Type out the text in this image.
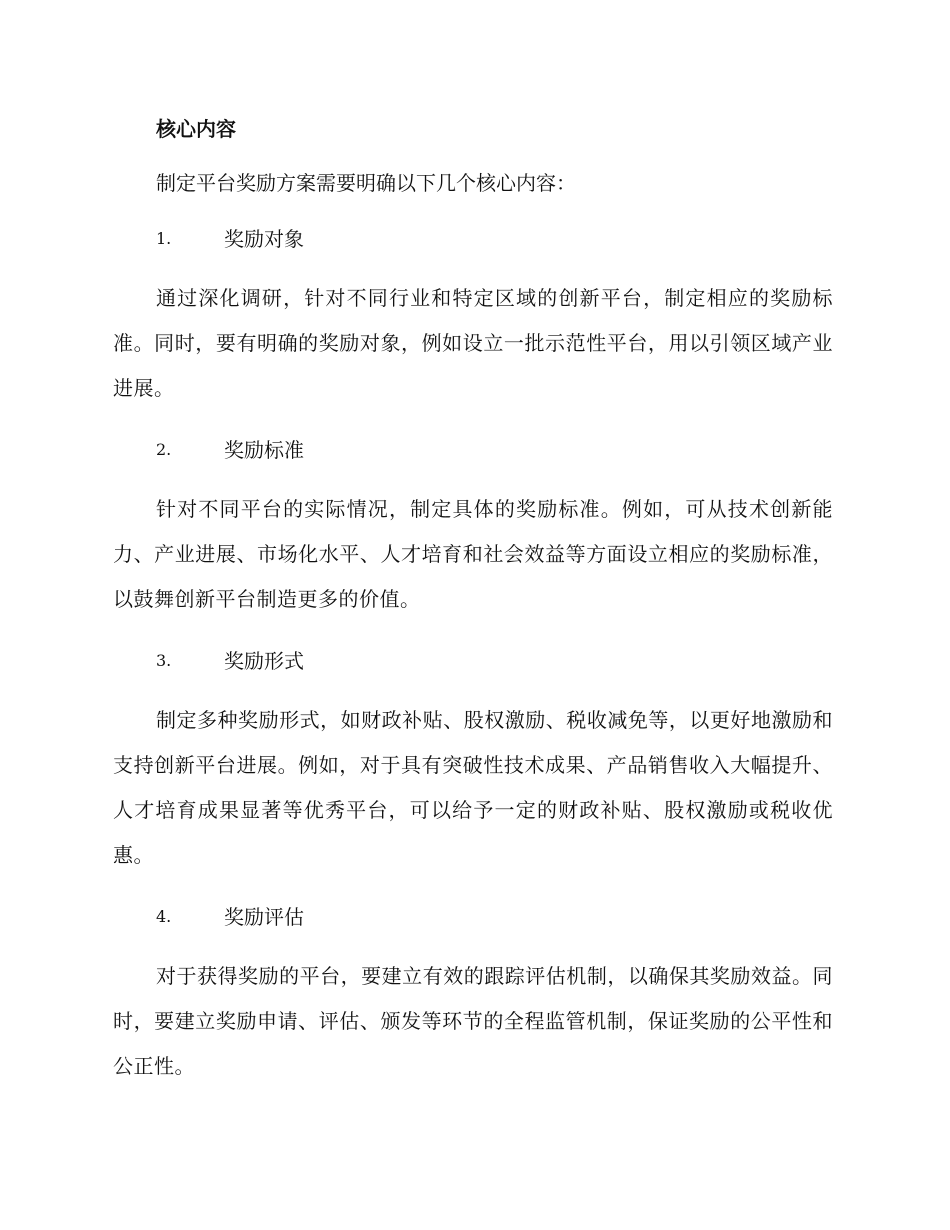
核心内容
制定平台奖励方案需要明确以下几个核心内容：
1.	奖励对象
通过深化调研，针对不同行业和特定区域的创新平台，制定相应的奖励标准。同时，要有明确的奖励对象，例如设立一批示范性平台，用以引领区域产业进展。
2.	奖励标准
针对不同平台的实际情况，制定具体的奖励标准。例如，可从技术创新能力、产业进展、市场化水平、人才培育和社会效益等方面设立相应的奖励标准，以鼓舞创新平台制造更多的价值。
3.	奖励形式
制定多种奖励形式，如财政补贴、股权激励、税收减免等，以更好地激励和支持创新平台进展。例如，对于具有突破性技术成果、产品销售收入大幅提升、人才培育成果显著等优秀平台，可以给予一定的财政补贴、股权激励或税收优惠。
4.	奖励评估
对于获得奖励的平台，要建立有效的跟踪评估机制，以确保其奖励效益。同时，要建立奖励申请、评估、颁发等环节的全程监管机制，保证奖励的公平性和公正性。
